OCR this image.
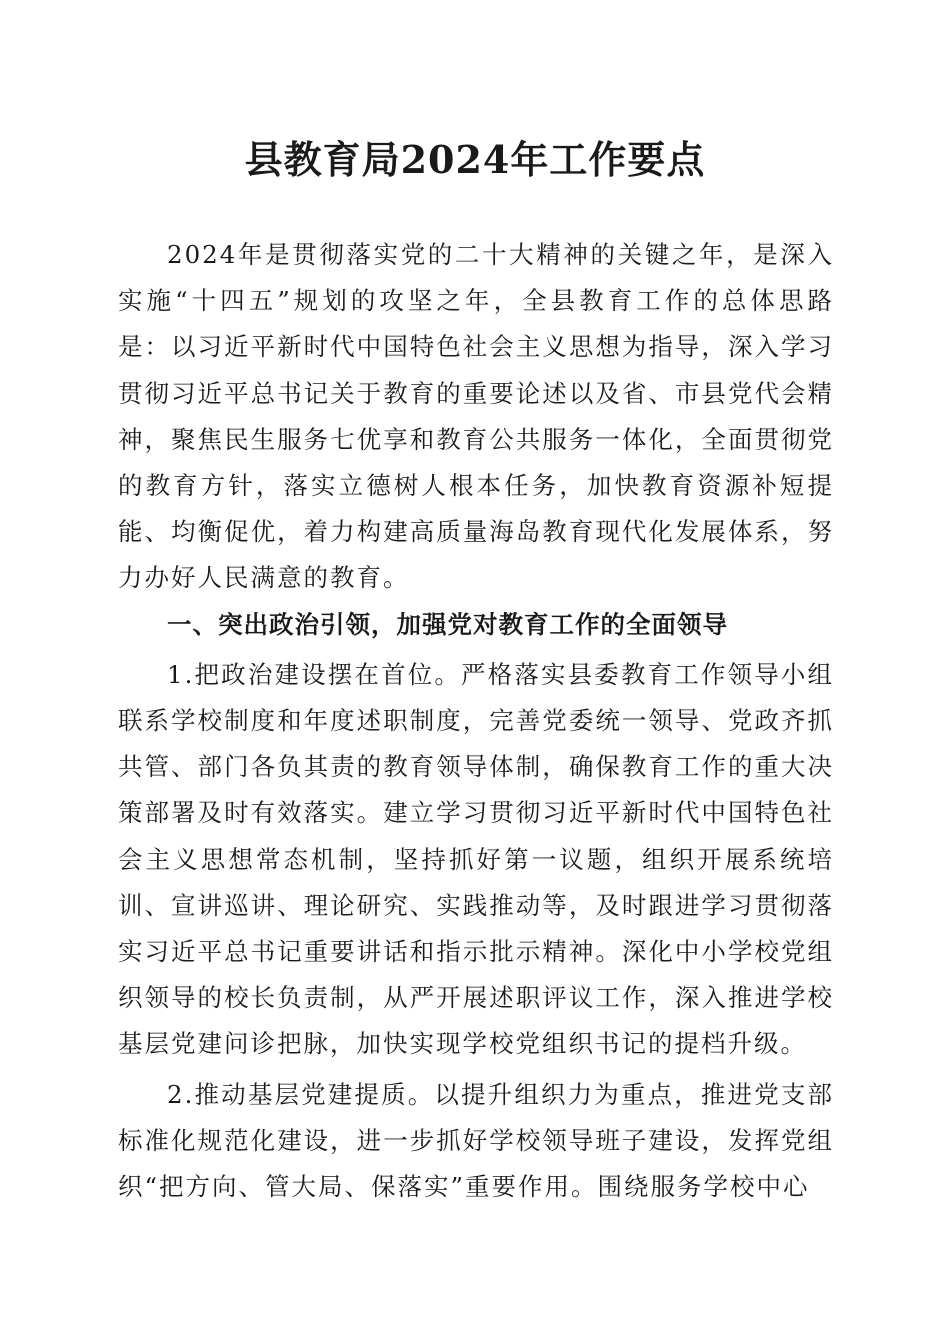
县教育局2024年工作要点

2024年是贯彻落实党的二十大精神的关键之年，是深入实施“十四五”规划的攻坚之年，全县教育工作的总体思路是：以习近平新时代中国特色社会主义思想为指导，深入学习贯彻习近平总书记关于教育的重要论述以及省、市县党代会精神，聚焦民生服务七优享和教育公共服务一体化，全面贯彻党的教育方针，落实立德树人根本任务，加快教育资源补短提能、均衡促优，着力构建高质量海岛教育现代化发展体系，努力办好人民满意的教育。

一、突出政治引领，加强党对教育工作的全面领导

1.把政治建设摆在首位。严格落实县委教育工作领导小组联系学校制度和年度述职制度，完善党委统一领导、党政齐抓共管、部门各负其责的教育领导体制，确保教育工作的重大决策部署及时有效落实。建立学习贯彻习近平新时代中国特色社会主义思想常态机制，坚持抓好第一议题，组织开展系统培训、宣讲巡讲、理论研究、实践推动等，及时跟进学习贯彻落实习近平总书记重要讲话和指示批示精神。深化中小学校党组织领导的校长负责制，从严开展述职评议工作，深入推进学校基层党建问诊把脉，加快实现学校党组织书记的提档升级。

2.推动基层党建提质。以提升组织力为重点，推进党支部标准化规范化建设，进一步抓好学校领导班子建设，发挥党组织“把方向、管大局、保落实”重要作用。围绕服务学校中心
